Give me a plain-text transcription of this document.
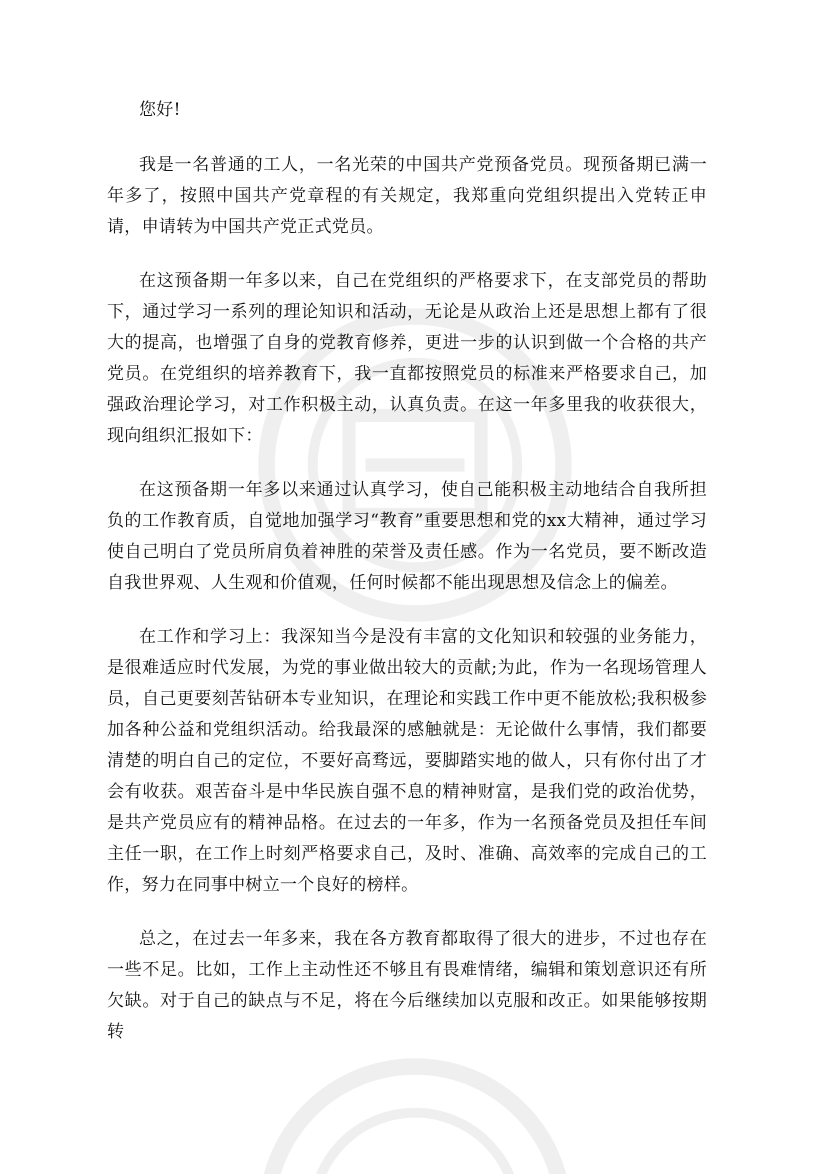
您好!

我是一名普通的工人，一名光荣的中国共产党预备党员。现预备期已满一年多了，按照中国共产党章程的有关规定，我郑重向党组织提出入党转正申请，申请转为中国共产党正式党员。

在这预备期一年多以来，自己在党组织的严格要求下，在支部党员的帮助下，通过学习一系列的理论知识和活动，无论是从政治上还是思想上都有了很大的提高，也增强了自身的党教育修养，更进一步的认识到做一个合格的共产党员。在党组织的培养教育下，我一直都按照党员的标准来严格要求自己，加强政治理论学习，对工作积极主动，认真负责。在这一年多里我的收获很大，现向组织汇报如下：

在这预备期一年多以来通过认真学习，使自己能积极主动地结合自我所担负的工作教育质，自觉地加强学习“教育”重要思想和党的xx大精神，通过学习使自己明白了党员所肩负着神胜的荣誉及责任感。作为一名党员，要不断改造自我世界观、人生观和价值观，任何时候都不能出现思想及信念上的偏差。

在工作和学习上：我深知当今是没有丰富的文化知识和较强的业务能力，是很难适应时代发展，为党的事业做出较大的贡献;为此，作为一名现场管理人员，自己更要刻苦钻研本专业知识，在理论和实践工作中更不能放松;我积极参加各种公益和党组织活动。给我最深的感触就是：无论做什么事情，我们都要清楚的明白自己的定位，不要好高骛远，要脚踏实地的做人，只有你付出了才会有收获。艰苦奋斗是中华民族自强不息的精神财富，是我们党的政治优势，是共产党员应有的精神品格。在过去的一年多，作为一名预备党员及担任车间主任一职，在工作上时刻严格要求自己，及时、准确、高效率的完成自己的工作，努力在同事中树立一个良好的榜样。

总之，在过去一年多来，我在各方教育都取得了很大的进步，不过也存在一些不足。比如，工作上主动性还不够且有畏难情绪，编辑和策划意识还有所欠缺。对于自己的缺点与不足，将在今后继续加以克服和改正。如果能够按期转
